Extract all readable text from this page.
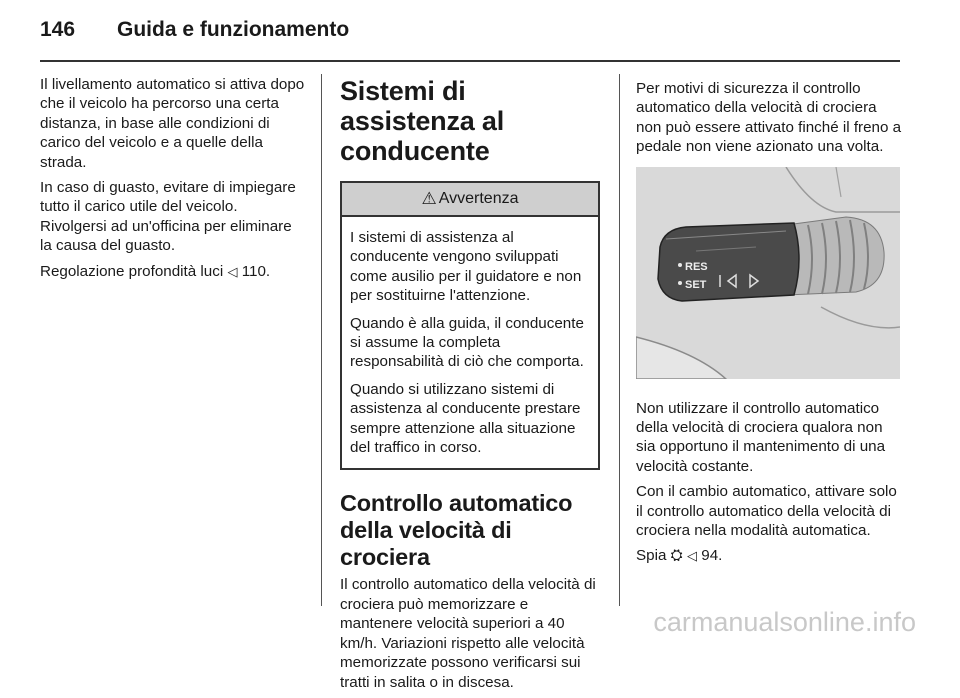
146 Guida e funzionamento

Il livellamento automatico si attiva dopo che il veicolo ha percorso una certa distanza, in base alle condizioni di carico del veicolo e a quelle della strada.

In caso di guasto, evitare di impiegare tutto il carico utile del veicolo. Rivolgersi ad un'officina per eliminare la causa del guasto.

Regolazione profondità luci ◁ 110.

Sistemi di assistenza al conducente
⚠ Avvertenza

I sistemi di assistenza al conducente vengono sviluppati come ausilio per il guidatore e non per sostituirne l'attenzione.

Quando è alla guida, il conducente si assume la completa responsabilità di ciò che comporta.

Quando si utilizzano sistemi di assistenza al conducente prestare sempre attenzione alla situazione del traffico in corso.

Controllo automatico della velocità di crociera

Il controllo automatico della velocità di crociera può memorizzare e mantenere velocità superiori a 40 km/h. Variazioni rispetto alle velocità memorizzate possono verificarsi sui tratti in salita o in discesa.

Per motivi di sicurezza il controllo automatico della velocità di crociera non può essere attivato finché il freno a pedale non viene azionato una volta.

RES
SET

Non utilizzare il controllo automatico della velocità di crociera qualora non sia opportuno il mantenimento di una velocità costante.

Con il cambio automatico, attivare solo il controllo automatico della velocità di crociera nella modalità automatica.

Spia ⛭ ◁ 94.

carmanualsonline.info
